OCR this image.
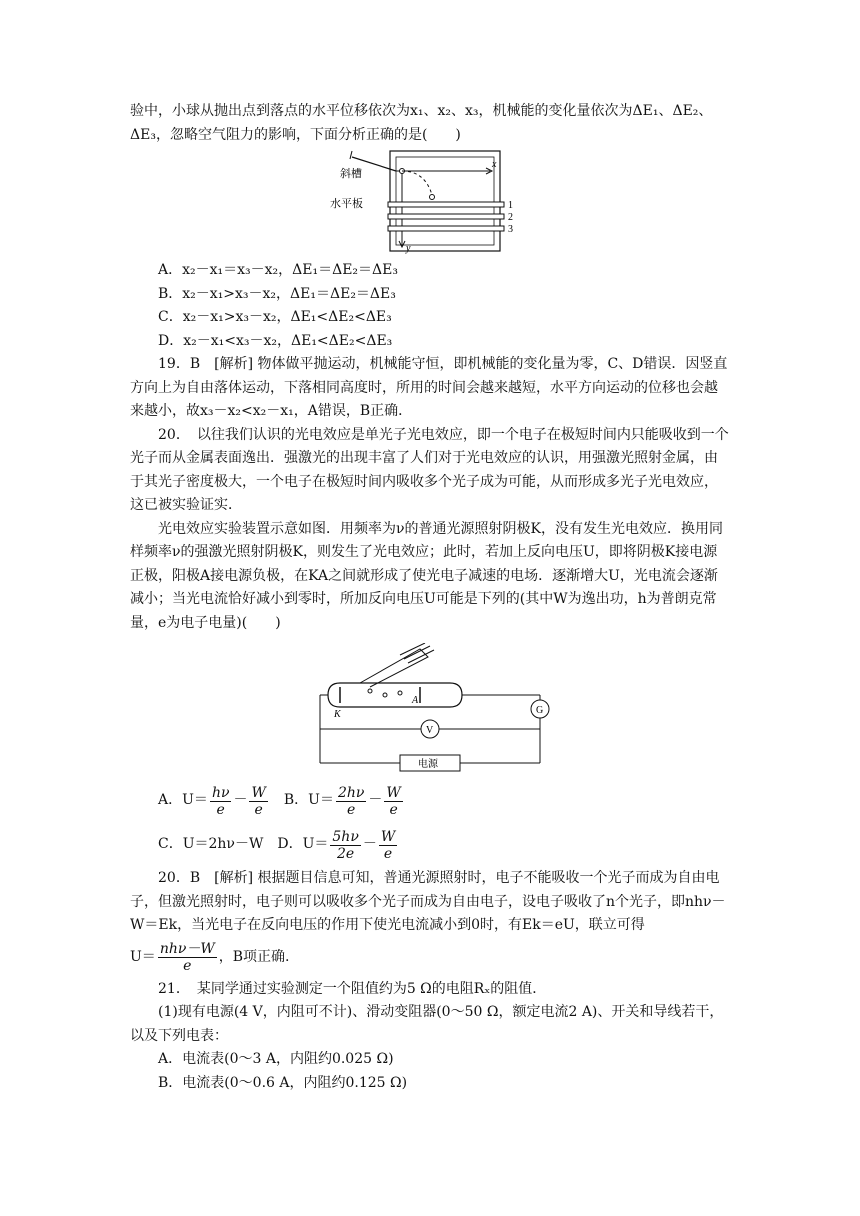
验中，小球从抛出点到落点的水平位移依次为x₁、x₂、x₃，机械能的变化量依次为ΔE₁、ΔE₂、

ΔE₃，忽略空气阻力的影响，下面分析正确的是(　　)

斜槽
水平板
x
y
1
2
3

A．x₂－x₁＝x₃－x₂，ΔE₁＝ΔE₂＝ΔE₃

B．x₂－x₁>x₃－x₂，ΔE₁＝ΔE₂＝ΔE₃

C．x₂－x₁>x₃－x₂，ΔE₁<ΔE₂<ΔE₃

D．x₂－x₁<x₃－x₂，ΔE₁<ΔE₂<ΔE₃

19．B　[解析] 物体做平抛运动，机械能守恒，即机械能的变化量为零，C、D错误．因竖直方向上为自由落体运动，下落相同高度时，所用的时间会越来越短，水平方向运动的位移也会越来越小，故x₃－x₂<x₂－x₁，A错误，B正确．

20．　以往我们认识的光电效应是单光子光电效应，即一个电子在极短时间内只能吸收到一个光子而从金属表面逸出．强激光的出现丰富了人们对于光电效应的认识，用强激光照射金属，由于其光子密度极大，一个电子在极短时间内吸收多个光子成为可能，从而形成多光子光电效应，这已被实验证实．

光电效应实验装置示意如图．用频率为ν的普通光源照射阴极K，没有发生光电效应．换用同样频率ν的强激光照射阴极K，则发生了光电效应；此时，若加上反向电压U，即将阴极K接电源正极，阳极A接电源负极，在KA之间就形成了使光电子减速的电场．逐渐增大U，光电流会逐渐减小；当光电流恰好减小到零时，所加反向电压U可能是下列的(其中W为逸出功，h为普朗克常量，e为电子电量)(　　)

K
A
G
V
电源
A． $U= \frac{h\nu}{e} - \frac{W}{e}$ B． $U= \frac{2h\nu}{e} - \frac{W}{e}$
C．U＝2hν－W D． $U= \frac{5h\nu}{2e} - \frac{W}{e}$

20．B　[解析] 根据题目信息可知，普通光源照射时，电子不能吸收一个光子而成为自由电子，但激光照射时，电子则可以吸收多个光子而成为自由电子，设电子吸收了n个光子，即nhν－W＝Ek，当光电子在反向电压的作用下使光电流减小到0时，有Ek＝eU，联立可得

$U= \frac{\text{nhν－W}}{e}$ ，B项正确.

21．　某同学通过实验测定一个阻值约为5 Ω的电阻Rₓ的阻值．

(1)现有电源(4 V，内阻可不计)、滑动变阻器(0～50 Ω，额定电流2 A)、开关和导线若干，以及下列电表：

A．电流表(0～3 A，内阻约0.025 Ω)

B．电流表(0～0.6 A，内阻约0.125 Ω)
